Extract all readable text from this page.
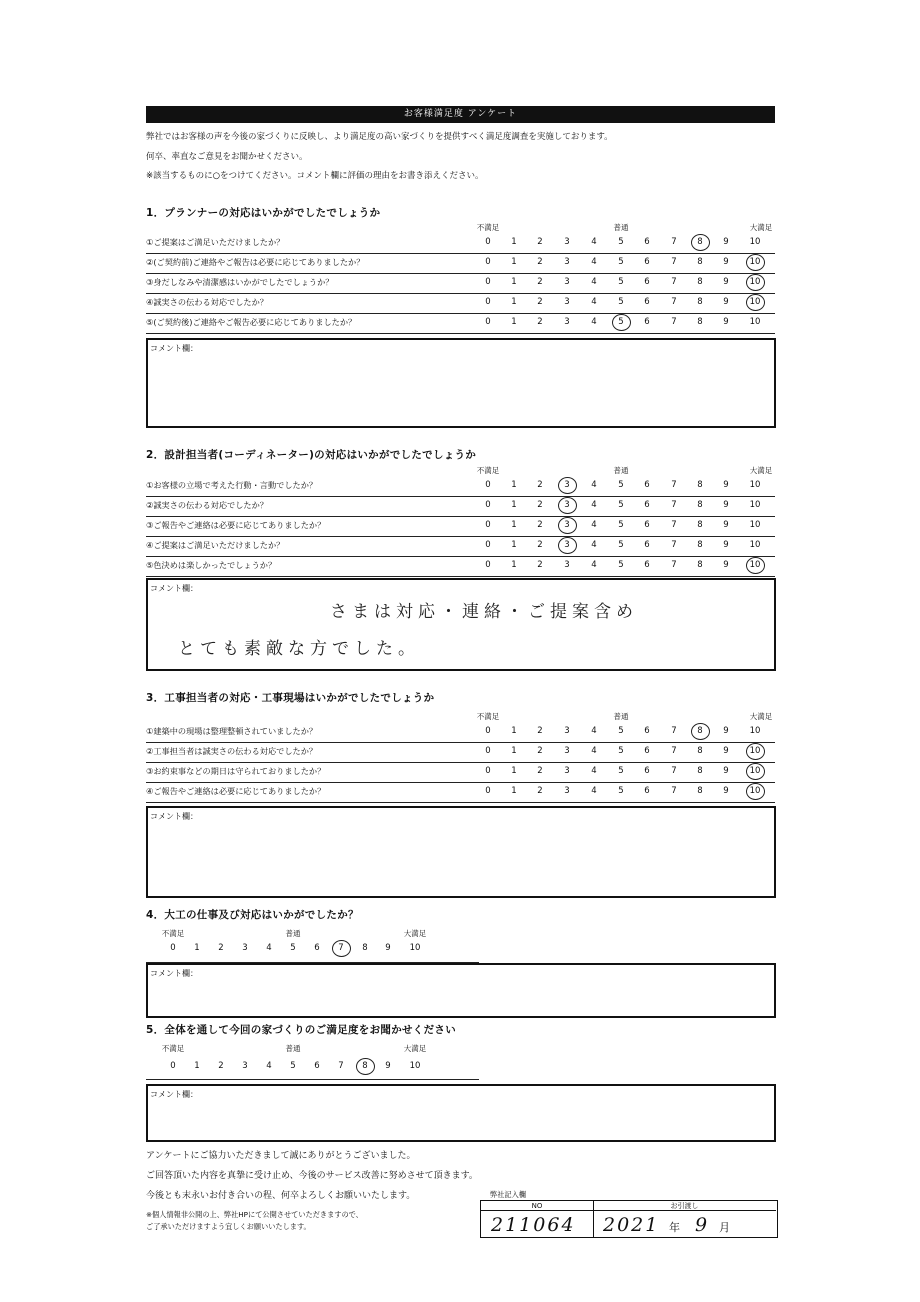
お客様満足度 アンケート
弊社ではお客様の声を今後の家づくりに反映し、より満足度の高い家づくりを提供すべく満足度調査を実施しております。
何卒、率直なご意見をお聞かせください。
※該当するものに○をつけてください。コメント欄に評価の理由をお書き添えください。
1．プランナーの対応はいかがでしたでしょうか
不満足	普通	大満足
①ご提案はご満足いただけましたか？	0	1	2	3	4	5	6	7	8	9	10
②(ご契約前)ご連絡やご報告は必要に応じてありましたか？	0	1	2	3	4	5	6	7	8	9	10
③身だしなみや清潔感はいかがでしたでしょうか？	0	1	2	3	4	5	6	7	8	9	10
④誠実さの伝わる対応でしたか？	0	1	2	3	4	5	6	7	8	9	10
⑤(ご契約後)ご連絡やご報告必要に応じてありましたか？	0	1	2	3	4	5	6	7	8	9	10
コメント欄：
2．設計担当者(コーディネーター)の対応はいかがでしたでしょうか
不満足	普通	大満足
①お客様の立場で考えた行動・言動でしたか？	0	1	2	3	4	5	6	7	8	9	10
②誠実さの伝わる対応でしたか？	0	1	2	3	4	5	6	7	8	9	10
③ご報告やご連絡は必要に応じてありましたか？	0	1	2	3	4	5	6	7	8	9	10
④ご提案はご満足いただけましたか？	0	1	2	3	4	5	6	7	8	9	10
⑤色決めは楽しかったでしょうか？	0	1	2	3	4	5	6	7	8	9	10
コメント欄：
さまは対応・連絡・ご提案含め
とても素敵な方でした。
3．工事担当者の対応・工事現場はいかがでしたでしょうか
不満足	普通	大満足
①建築中の現場は整理整頓されていましたか？	0	1	2	3	4	5	6	7	8	9	10
②工事担当者は誠実さの伝わる対応でしたか？	0	1	2	3	4	5	6	7	8	9	10
③お約束事などの期日は守られておりましたか？	0	1	2	3	4	5	6	7	8	9	10
④ご報告やご連絡は必要に応じてありましたか？	0	1	2	3	4	5	6	7	8	9	10
コメント欄：
4．大工の仕事及び対応はいかがでしたか？
不満足	普通	大満足
0	1	2	3	4	5	6	7	8	9	10
コメント欄：
5．全体を通して今回の家づくりのご満足度をお聞かせください
不満足	普通	大満足
0	1	2	3	4	5	6	7	8	9	10
コメント欄：
アンケートにご協力いただきまして誠にありがとうございました。
ご回答頂いた内容を真摯に受け止め、今後のサービス改善に努めさせて頂きます。
今後とも末永いお付き合いの程、何卒よろしくお願いいたします。
※個人情報非公開の上、弊社HPにて公開させていただきますので、
ご了承いただけますよう宜しくお願いいたします。
弊社記入欄
NO	お引渡し
211064 2021 年 9 月
